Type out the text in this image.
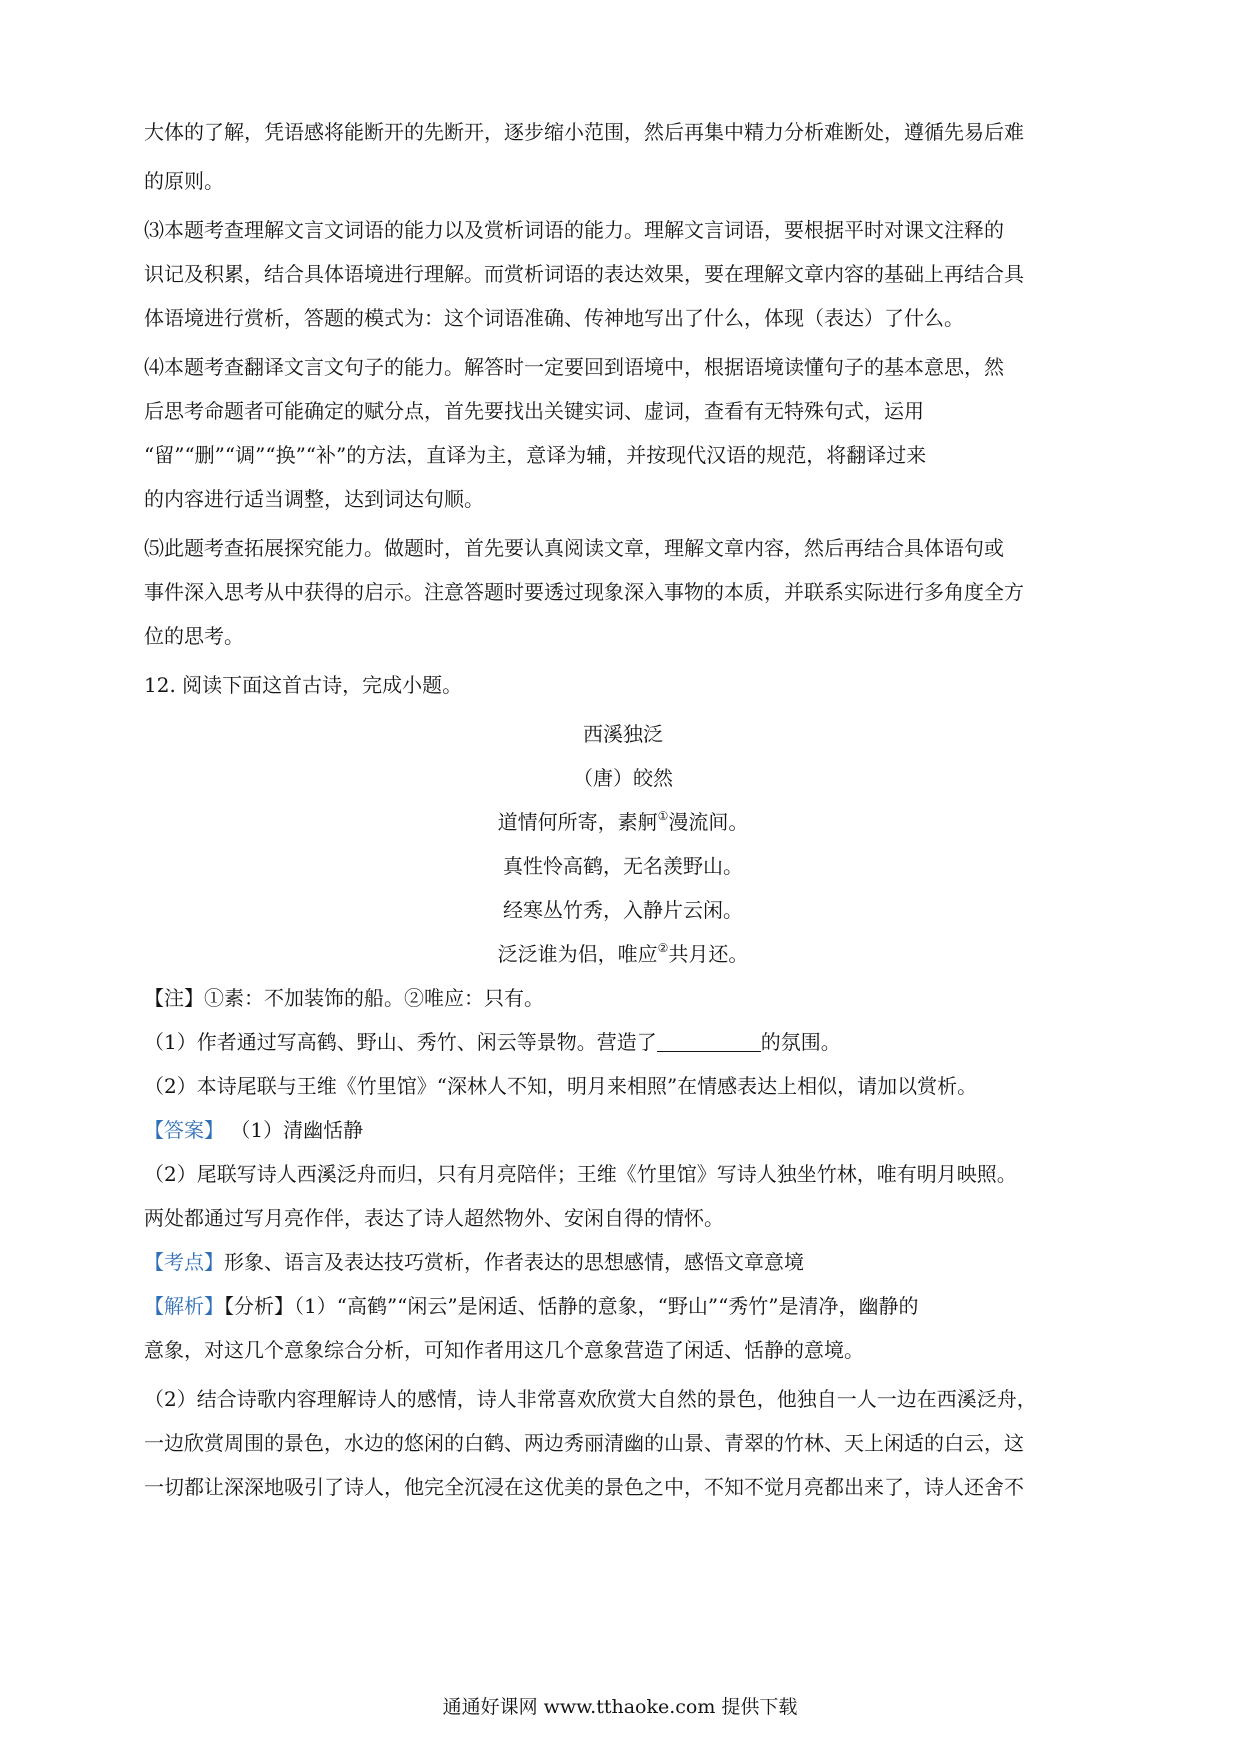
大体的了解，凭语感将能断开的先断开，逐步缩小范围，然后再集中精力分析难断处，遵循先易后难

的原则。

⑶本题考查理解文言文词语的能力以及赏析词语的能力。理解文言词语，要根据平时对课文注释的

识记及积累，结合具体语境进行理解。而赏析词语的表达效果，要在理解文章内容的基础上再结合具

体语境进行赏析，答题的模式为：这个词语准确、传神地写出了什么，体现（表达）了什么。

⑷本题考查翻译文言文句子的能力。解答时一定要回到语境中，根据语境读懂句子的基本意思，然

后思考命题者可能确定的赋分点，首先要找出关键实词、虚词，查看有无特殊句式，运用

“留”“删”“调”“换”“补”的方法，直译为主，意译为辅，并按现代汉语的规范，将翻译过来

的内容进行适当调整，达到词达句顺。

⑸此题考查拓展探究能力。做题时，首先要认真阅读文章，理解文章内容，然后再结合具体语句或

事件深入思考从中获得的启示。注意答题时要透过现象深入事物的本质，并联系实际进行多角度全方

位的思考。

12. 阅读下面这首古诗，完成小题。

西溪独泛

（唐）皎然

道情何所寄，素舸①漫流间。

真性怜高鹤，无名羡野山。

经寒丛竹秀，入静片云闲。

泛泛谁为侣，唯应②共月还。

【注】①素：不加装饰的船。②唯应：只有。

（1）作者通过写高鹤、野山、秀竹、闲云等景物。营造了	的氛围。

（2）本诗尾联与王维《竹里馆》“深林人不知，明月来相照”在情感表达上相似，请加以赏析。

【答案】 （1）清幽恬静

（2）尾联写诗人西溪泛舟而归，只有月亮陪伴；王维《竹里馆》写诗人独坐竹林，唯有明月映照。

两处都通过写月亮作伴，表达了诗人超然物外、安闲自得的情怀。

【考点】形象、语言及表达技巧赏析，作者表达的思想感情，感悟文章意境

【解析】【分析】（1）“高鹤”“闲云”是闲适、恬静的意象，“野山”“秀竹”是清净，幽静的

意象，对这几个意象综合分析，可知作者用这几个意象营造了闲适、恬静的意境。

（2）结合诗歌内容理解诗人的感情，诗人非常喜欢欣赏大自然的景色，他独自一人一边在西溪泛舟，

一边欣赏周围的景色，水边的悠闲的白鹤、两边秀丽清幽的山景、青翠的竹林、天上闲适的白云，这

一切都让深深地吸引了诗人，他完全沉浸在这优美的景色之中，不知不觉月亮都出来了，诗人还舍不

通通好课网 www.tthaoke.com 提供下载
